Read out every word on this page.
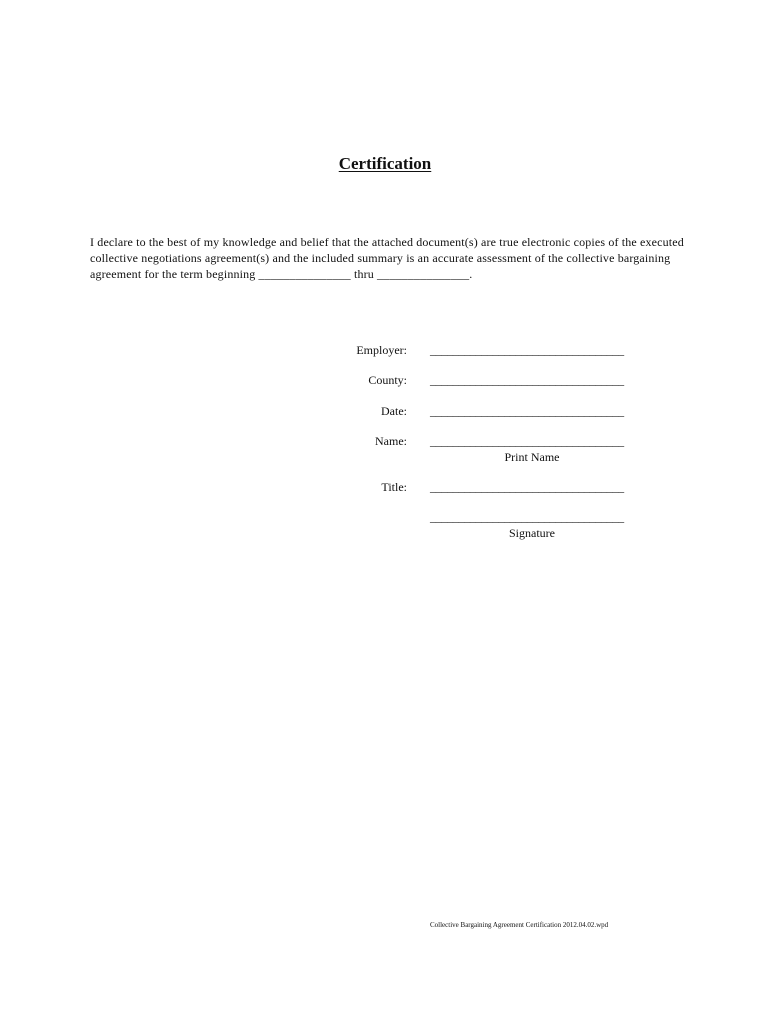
Certification

I declare to the best of my knowledge and belief that the attached document(s) are true electronic copies of the executed collective negotiations agreement(s) and the included summary is an accurate assessment of the collective bargaining agreement for the term beginning _______________ thru _______________.

Employer: __________________________________
County: __________________________________
Date: __________________________________
Name: __________________________________
Print Name
Title: __________________________________
__________________________________
Signature
Collective Bargaining Agreement Certification 2012.04.02.wpd
